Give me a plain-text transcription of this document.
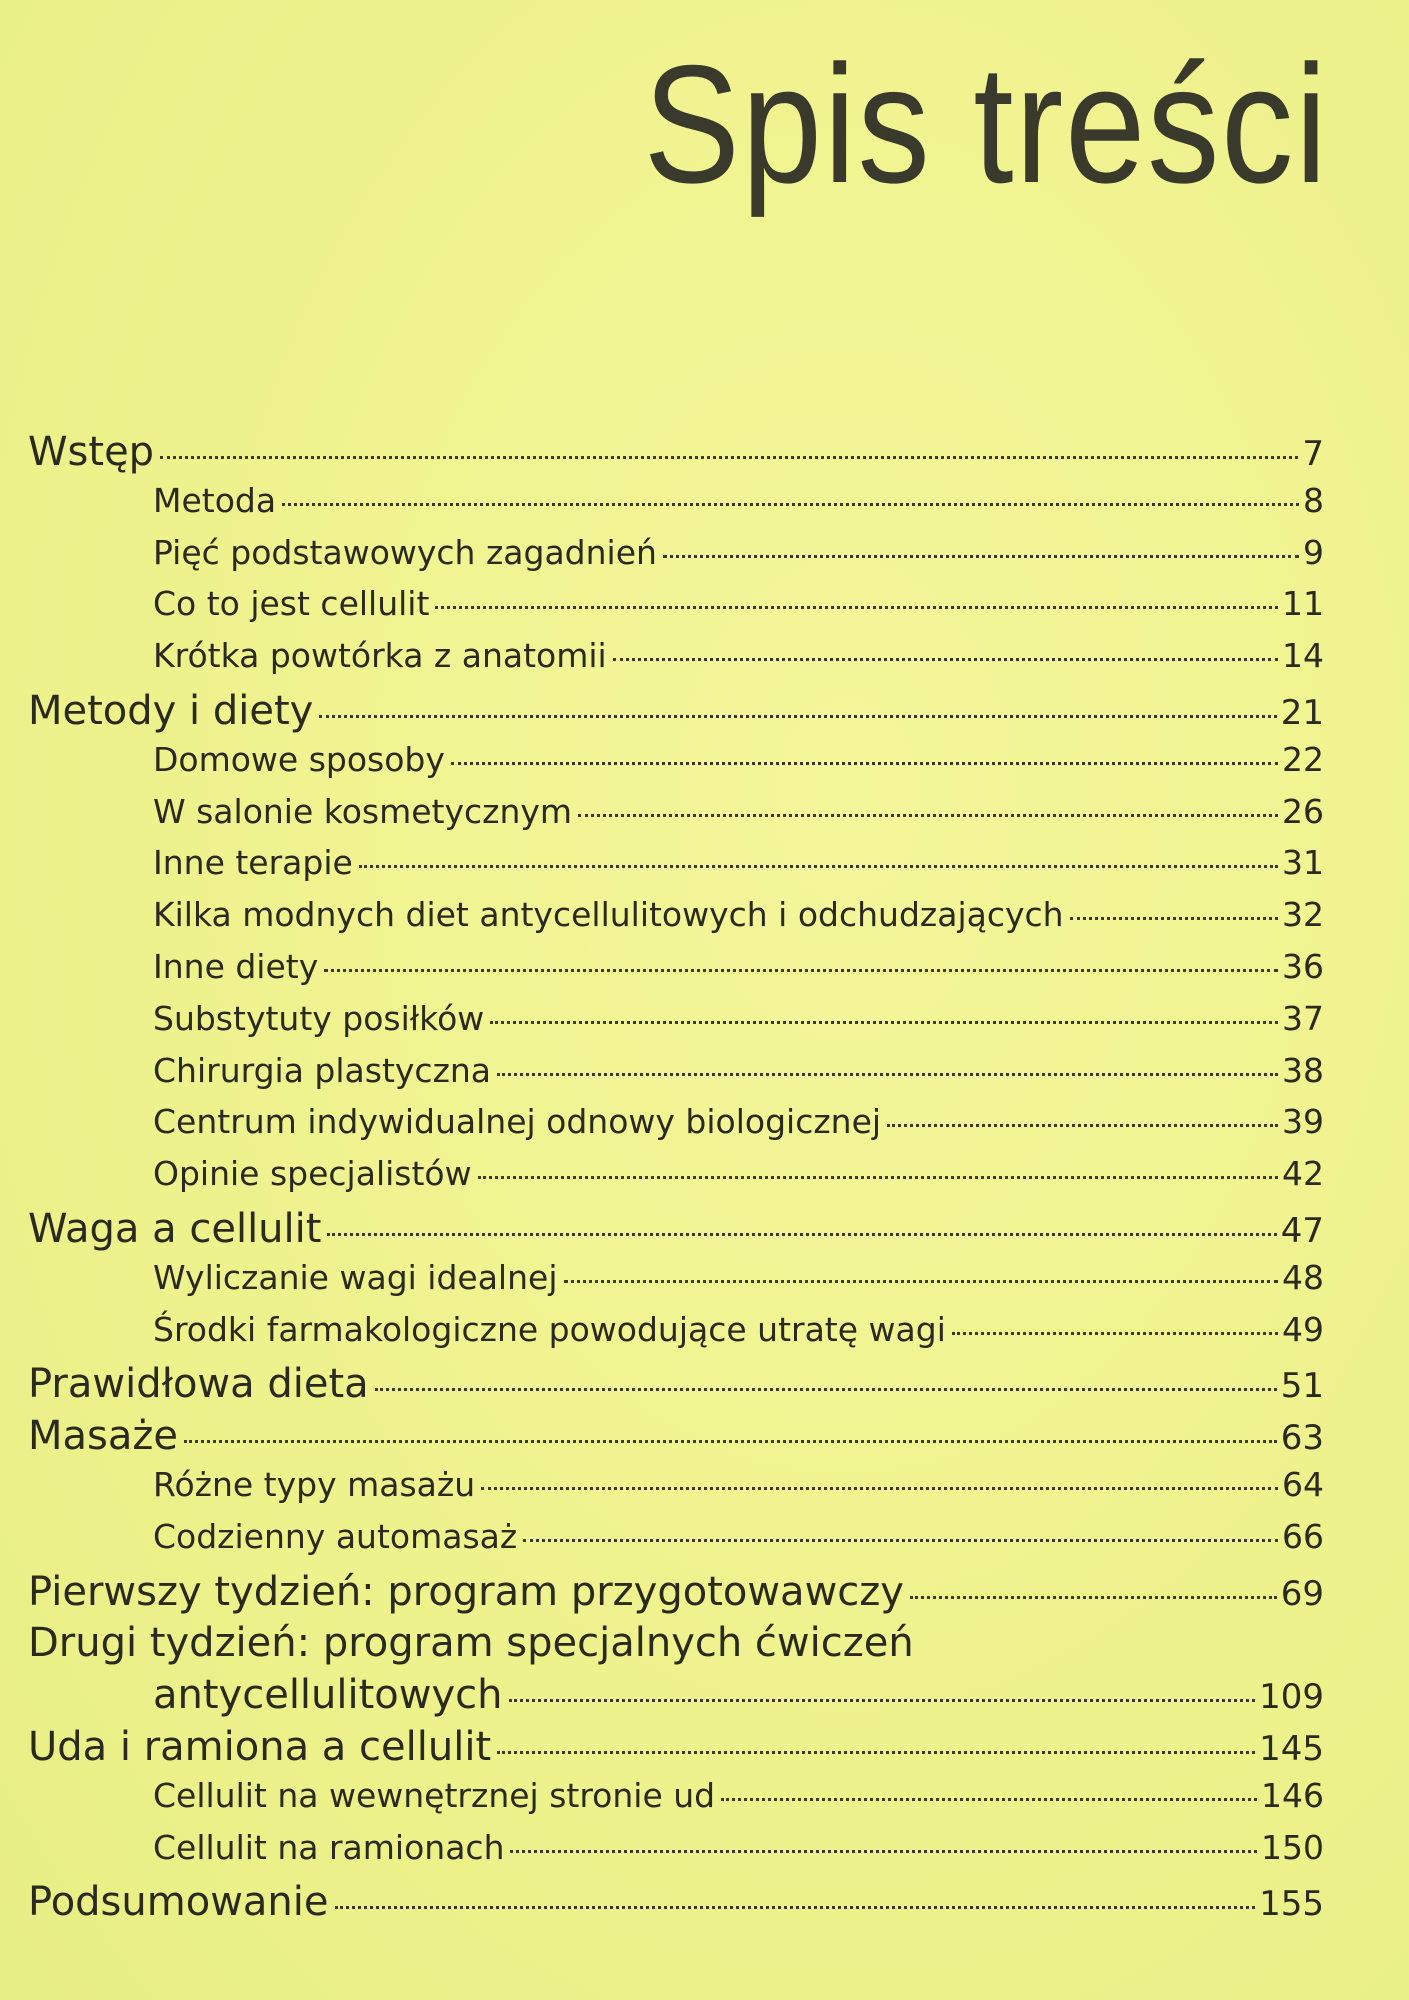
Spis treści
Wstęp	7
Metoda	8
Pięć podstawowych zagadnień	9
Co to jest cellulit	11
Krótka powtórka z anatomii	14
Metody i diety	21
Domowe sposoby	22
W salonie kosmetycznym	26
Inne terapie	31
Kilka modnych diet antycellulitowych i odchudzających	32
Inne diety	36
Substytuty posiłków	37
Chirurgia plastyczna	38
Centrum indywidualnej odnowy biologicznej	39
Opinie specjalistów	42
Waga a cellulit	47
Wyliczanie wagi idealnej	48
Środki farmakologiczne powodujące utratę wagi	49
Prawidłowa dieta	51
Masaże	63
Różne typy masażu	64
Codzienny automasaż	66
Pierwszy tydzień: program przygotowawczy	69
Drugi tydzień: program specjalnych ćwiczeń
antycellulitowych	109
Uda i ramiona a cellulit	145
Cellulit na wewnętrznej stronie ud	146
Cellulit na ramionach	150
Podsumowanie	155
